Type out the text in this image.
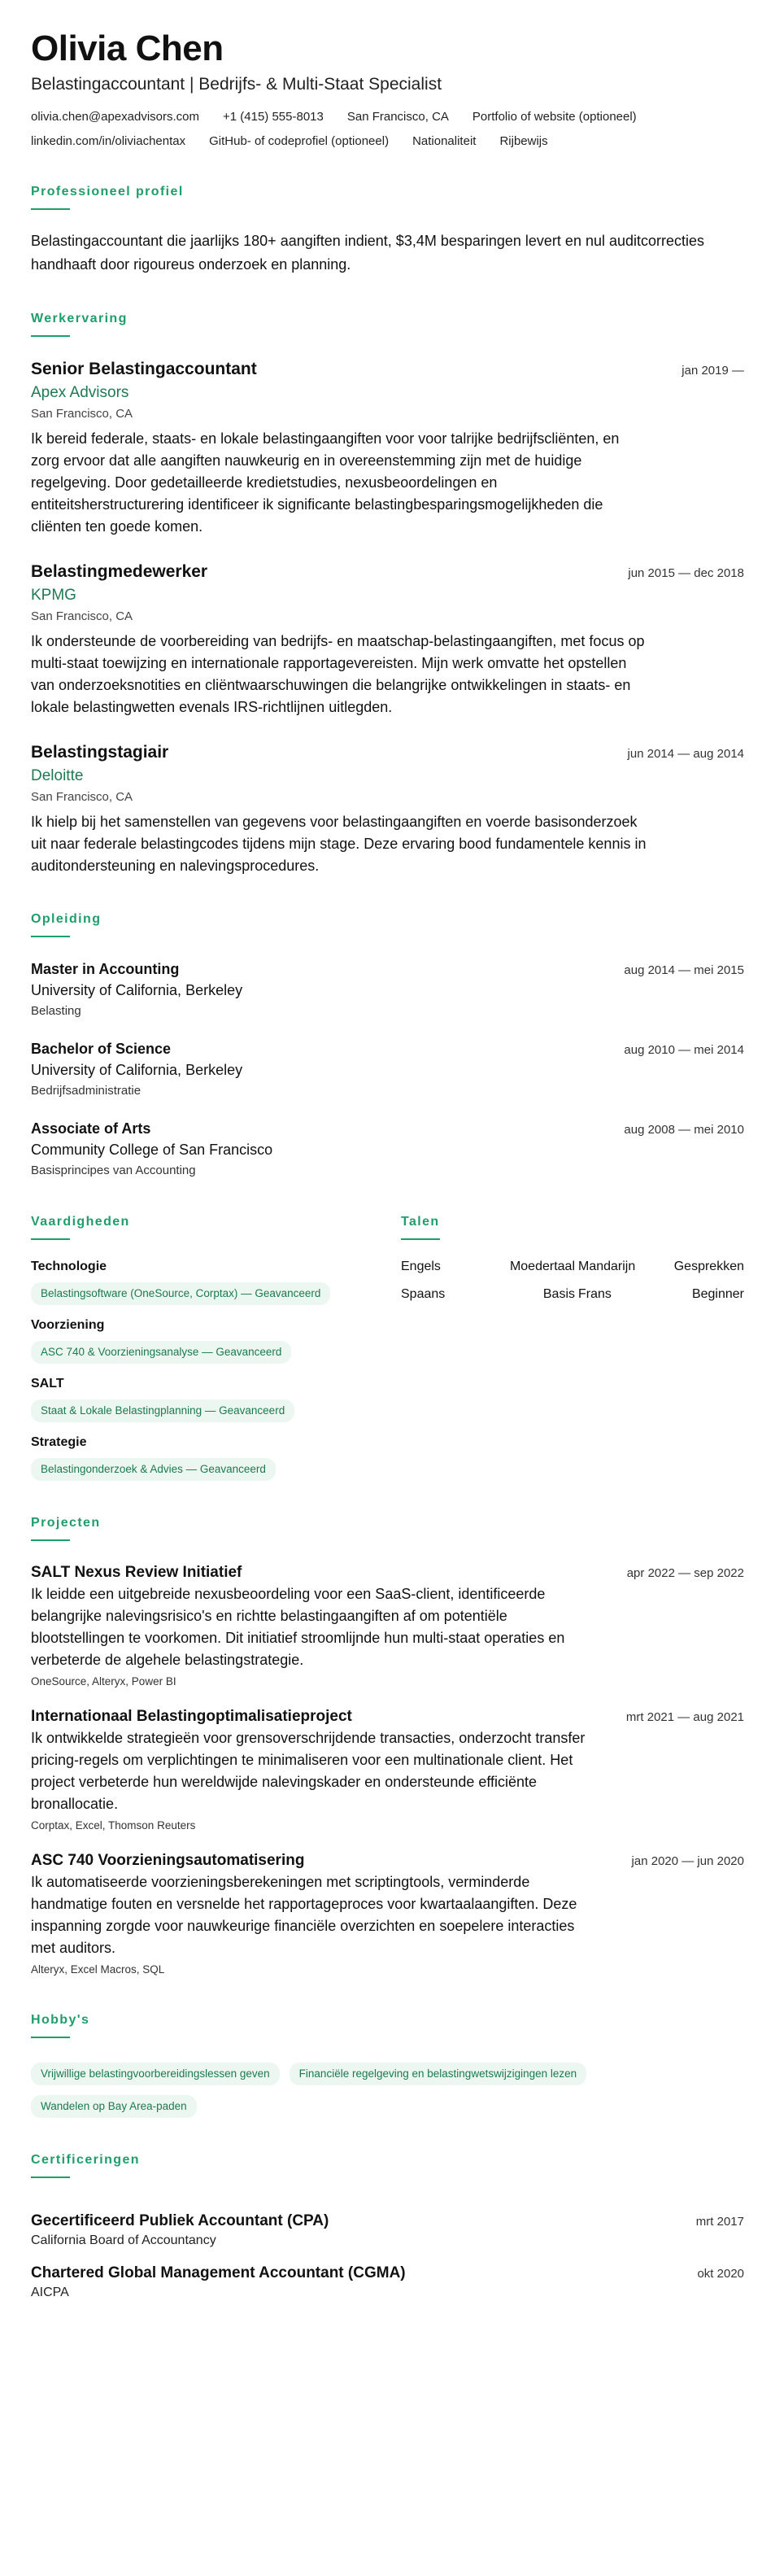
Olivia Chen
Belastingaccountant | Bedrijfs- & Multi-Staat Specialist
olivia.chen@apexadvisors.com +1 (415) 555-8013 San Francisco, CA Portfolio of website (optioneel)
linkedin.com/in/oliviachentax GitHub- of codeprofiel (optioneel) Nationaliteit Rijbewijs
Professioneel profiel

Belastingaccountant die jaarlijks 180+ aangiften indient, $3,4M besparingen levert en nul auditcorrecties handhaaft door rigoureus onderzoek en planning.

Werkervaring
Senior Belastingaccountant	jan 2019 —
Apex Advisors
San Francisco, CA

Ik bereid federale, staats- en lokale belastingaangiften voor voor talrijke bedrijfscliënten, en zorg ervoor dat alle aangiften nauwkeurig en in overeenstemming zijn met de huidige regelgeving. Door gedetailleerde kredietstudies, nexusbeoordelingen en entiteitsherstructurering identificeer ik significante belastingbesparingsmogelijkheden die cliënten ten goede komen.

Belastingmedewerker	jun 2015 — dec 2018
KPMG
San Francisco, CA

Ik ondersteunde de voorbereiding van bedrijfs- en maatschap-belastingaangiften, met focus op multi-staat toewijzing en internationale rapportagevereisten. Mijn werk omvatte het opstellen van onderzoeksnotities en cliëntwaarschuwingen die belangrijke ontwikkelingen in staats- en lokale belastingwetten evenals IRS-richtlijnen uitlegden.

Belastingstagiair	jun 2014 — aug 2014
Deloitte
San Francisco, CA

Ik hielp bij het samenstellen van gegevens voor belastingaangiften en voerde basisonderzoek uit naar federale belastingcodes tijdens mijn stage. Deze ervaring bood fundamentele kennis in auditondersteuning en nalevingsprocedures.

Opleiding
Master in Accounting	aug 2014 — mei 2015
University of California, Berkeley
Belasting
Bachelor of Science	aug 2010 — mei 2014
University of California, Berkeley
Bedrijfsadministratie
Associate of Arts	aug 2008 — mei 2010
Community College of San Francisco
Basisprincipes van Accounting
Vaardigheden
Technologie
Belastingsoftware (OneSource, Corptax) — Geavanceerd
Voorziening
ASC 740 & Voorzieningsanalyse — Geavanceerd
SALT
Staat & Lokale Belastingplanning — Geavanceerd
Strategie
Belastingonderzoek & Advies — Geavanceerd
Talen
Engels	Moedertaal Mandarijn	Gesprekken
Spaans	Basis Frans	Beginner
Projecten
SALT Nexus Review Initiatief	apr 2022 — sep 2022

Ik leidde een uitgebreide nexusbeoordeling voor een SaaS-client, identificeerde belangrijke nalevingsrisico's en richtte belastingaangiften af om potentiële blootstellingen te voorkomen. Dit initiatief stroomlijnde hun multi-staat operaties en verbeterde de algehele belastingstrategie.

OneSource, Alteryx, Power BI
Internationaal Belastingoptimalisatieproject	mrt 2021 — aug 2021

Ik ontwikkelde strategieën voor grensoverschrijdende transacties, onderzocht transfer pricing-regels om verplichtingen te minimaliseren voor een multinationale client. Het project verbeterde hun wereldwijde nalevingskader en ondersteunde efficiënte bronallocatie.

Corptax, Excel, Thomson Reuters
ASC 740 Voorzieningsautomatisering	jan 2020 — jun 2020

Ik automatiseerde voorzieningsberekeningen met scriptingtools, verminderde handmatige fouten en versnelde het rapportageproces voor kwartaalaangiften. Deze inspanning zorgde voor nauwkeurige financiële overzichten en soepelere interacties met auditors.

Alteryx, Excel Macros, SQL
Hobby's
Vrijwillige belastingvoorbereidingslessen geven	Financiële regelgeving en belastingwetswijzigingen lezen
Wandelen op Bay Area-paden
Certificeringen
Gecertificeerd Publiek Accountant (CPA)	mrt 2017
California Board of Accountancy
Chartered Global Management Accountant (CGMA)	okt 2020
AICPA
